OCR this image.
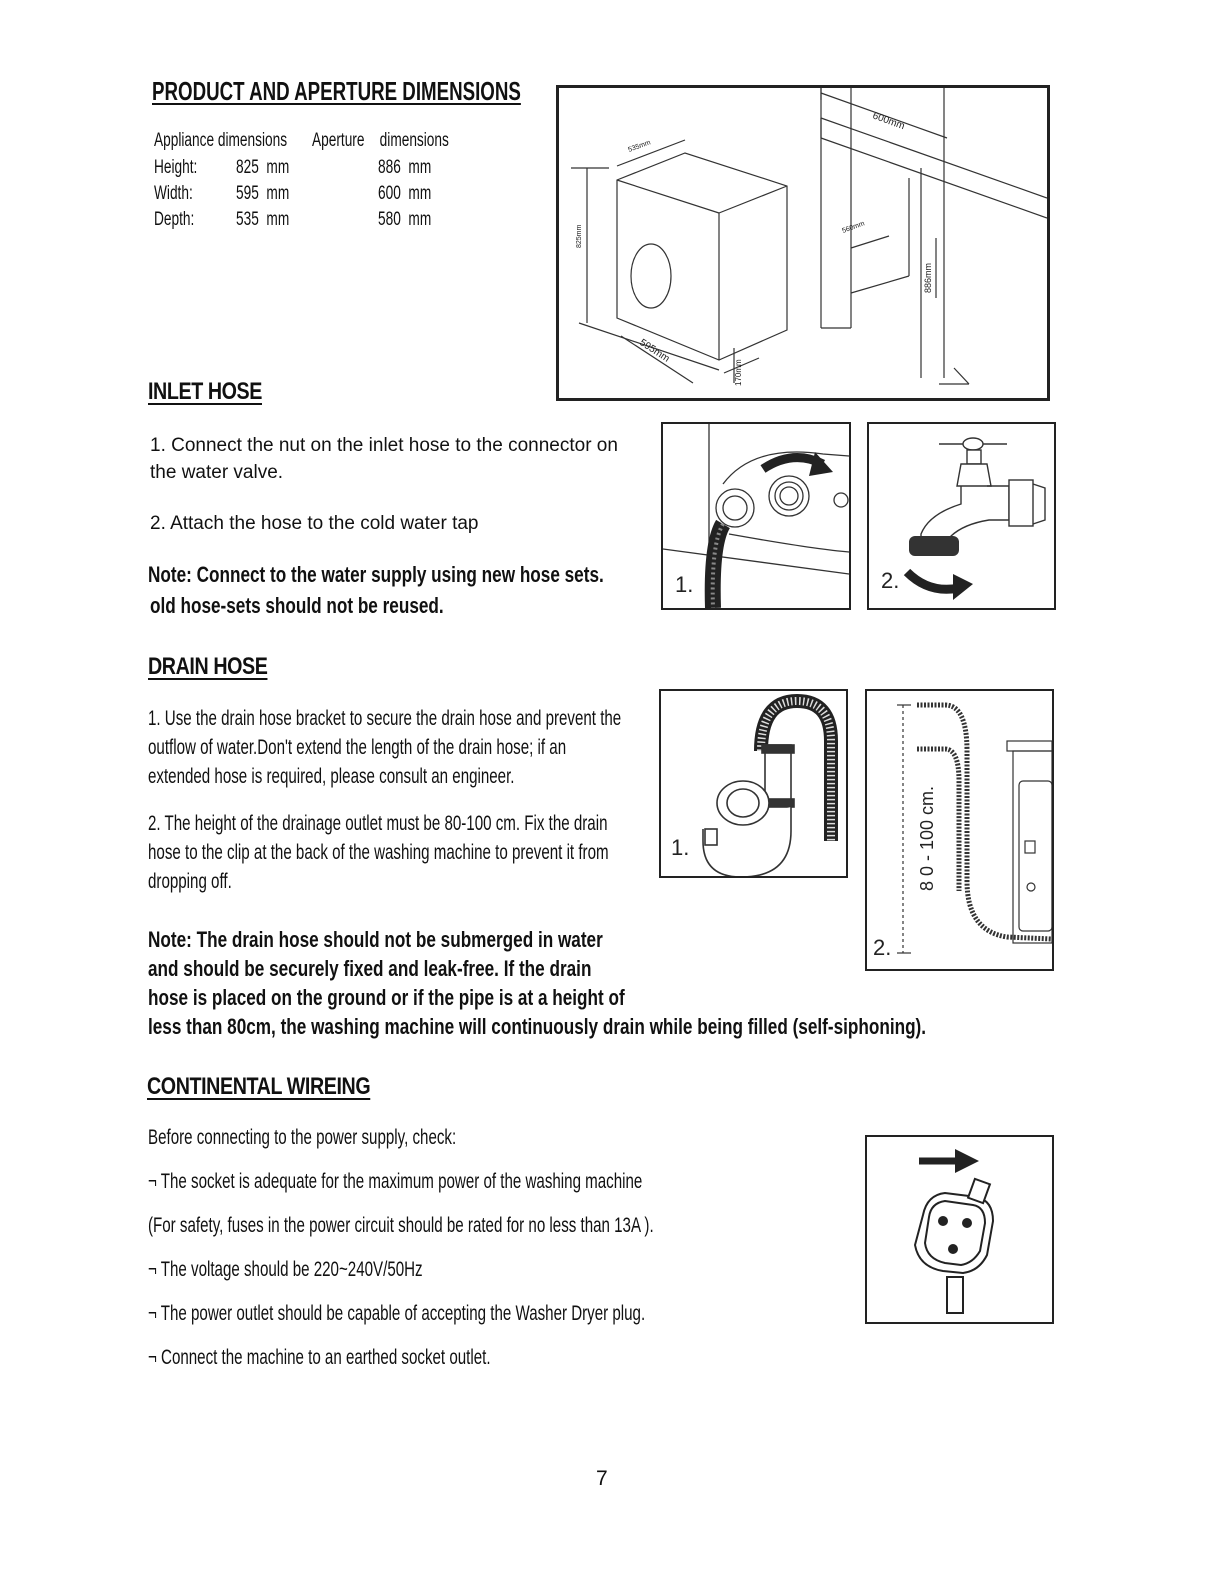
PRODUCT AND APERTURE DIMENSIONS
Appliance dimensions Aperture    dimensions
Height: 825  mm	886  mm
Width: 595  mm	600  mm
Depth: 535  mm	580  mm
600mm
535mm
560mm
825mm
886mm
595mm
170mm
INLET HOSE
1. Connect the nut on the inlet hose to the connector on the water valve.
2. Attach the hose to the cold water tap
Note: Connect to the water supply using new hose sets.
old hose-sets should not be reused.
1.	2.
DRAIN HOSE
1. Use the drain hose bracket to secure the drain hose and prevent the
outflow of water.Don't extend the length of the drain hose; if an
extended hose is required, please consult an engineer.
2. The height of the drainage outlet must be 80-100 cm. Fix the drain
hose to the clip at the back of the washing machine to prevent it from
dropping off.
Note: The drain hose should not be submerged in water
and should be securely fixed and leak-free. If the drain
hose is placed on the ground or if the pipe is at a height of
less than 80cm, the washing machine will continuously drain while being filled (self-siphoning).
1.	8 0 - 100 cm.
2.
CONTINENTAL WIREING
Before connecting to the power supply, check:
¬ The socket is adequate for the maximum power of the washing machine
(For safety, fuses in the power circuit should be rated for no less than 13A ).
¬ The voltage should be 220~240V/50Hz
¬ The power outlet should be capable of accepting the Washer Dryer plug.
¬ Connect the machine to an earthed socket outlet.
7
